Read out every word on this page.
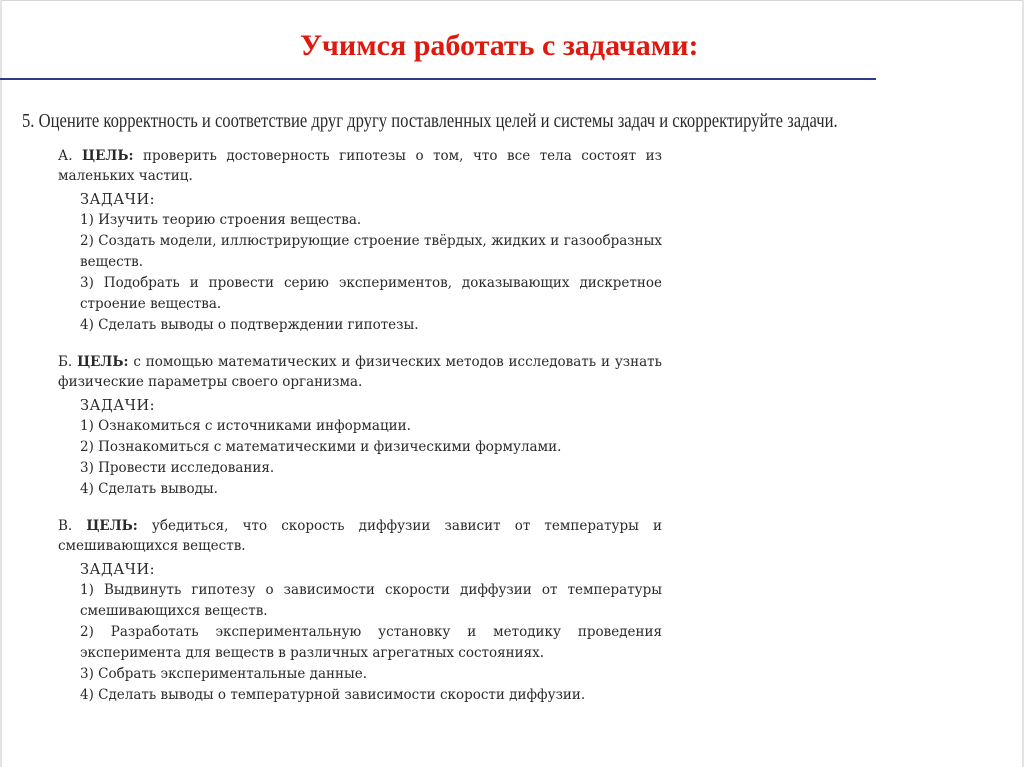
Учимся работать с задачами:
5. Оцените корректность и соответствие друг другу поставленных целей и системы задач и скорректируйте задачи.

А. ЦЕЛЬ: проверить достоверность гипотезы о том, что все тела состоят из маленьких частиц.

ЗАДАЧИ:
1) Изучить теорию строения вещества.
2) Создать модели, иллюстрирующие строение твёрдых, жидких и газообразных веществ.
3) Подобрать и провести серию экспериментов, доказывающих дискретное строение вещества.
4) Сделать выводы о подтверждении гипотезы.

Б. ЦЕЛЬ: с помощью математических и физических методов исследовать и узнать физические параметры своего организма.

ЗАДАЧИ:
1) Ознакомиться с источниками информации.
2) Познакомиться с математическими и физическими формулами.
3) Провести исследования.
4) Сделать выводы.

В. ЦЕЛЬ: убедиться, что скорость диффузии зависит от температуры и смешивающихся веществ.

ЗАДАЧИ:
1) Выдвинуть гипотезу о зависимости скорости диффузии от температуры смешивающихся веществ.
2) Разработать экспериментальную установку и методику проведения эксперимента для веществ в различных агрегатных состояниях.
3) Собрать экспериментальные данные.
4) Сделать выводы о температурной зависимости скорости диффузии.
